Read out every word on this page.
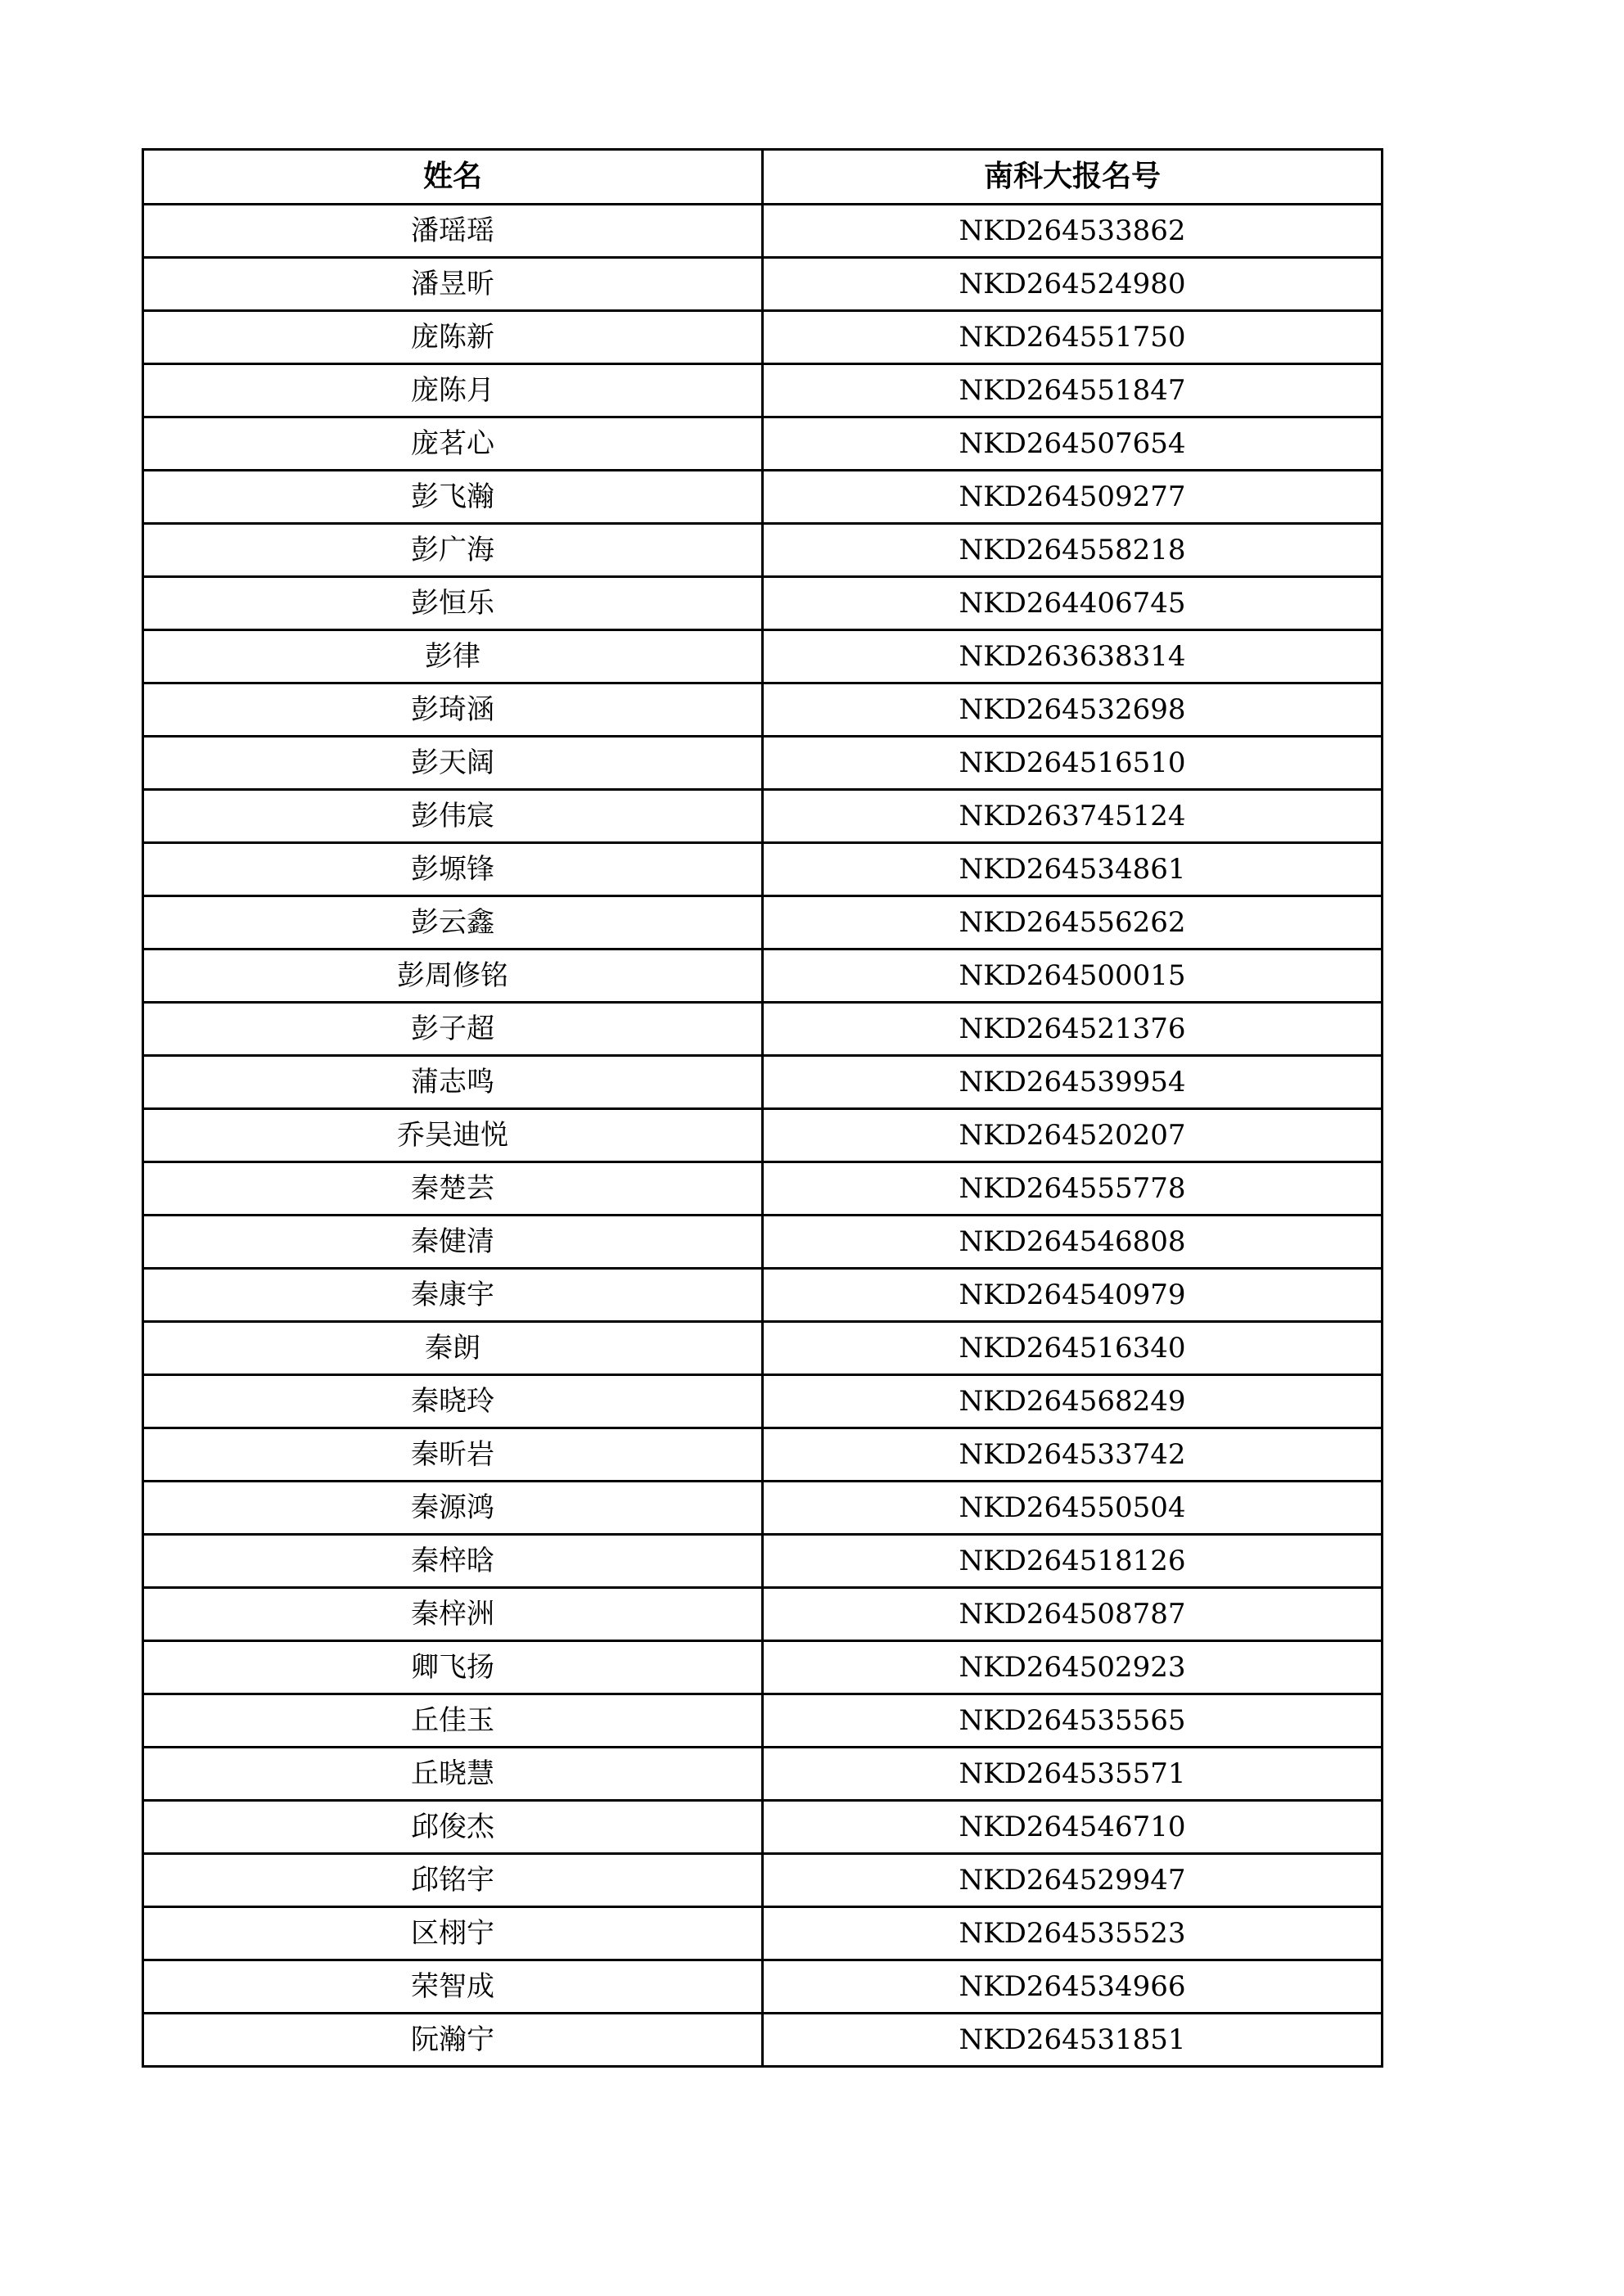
姓名	南科大报名号
潘瑶瑶	NKD264533862
潘昱昕	NKD264524980
庞陈新	NKD264551750
庞陈月	NKD264551847
庞茗心	NKD264507654
彭飞瀚	NKD264509277
彭广海	NKD264558218
彭恒乐	NKD264406745
彭律	NKD263638314
彭琦涵	NKD264532698
彭天阔	NKD264516510
彭伟宸	NKD263745124
彭塬锋	NKD264534861
彭云鑫	NKD264556262
彭周修铭	NKD264500015
彭子超	NKD264521376
蒲志鸣	NKD264539954
乔吴迪悦	NKD264520207
秦楚芸	NKD264555778
秦健清	NKD264546808
秦康宇	NKD264540979
秦朗	NKD264516340
秦晓玲	NKD264568249
秦昕岩	NKD264533742
秦源鸿	NKD264550504
秦梓晗	NKD264518126
秦梓洲	NKD264508787
卿飞扬	NKD264502923
丘佳玉	NKD264535565
丘晓慧	NKD264535571
邱俊杰	NKD264546710
邱铭宇	NKD264529947
区栩宁	NKD264535523
荣智成	NKD264534966
阮瀚宁	NKD264531851
